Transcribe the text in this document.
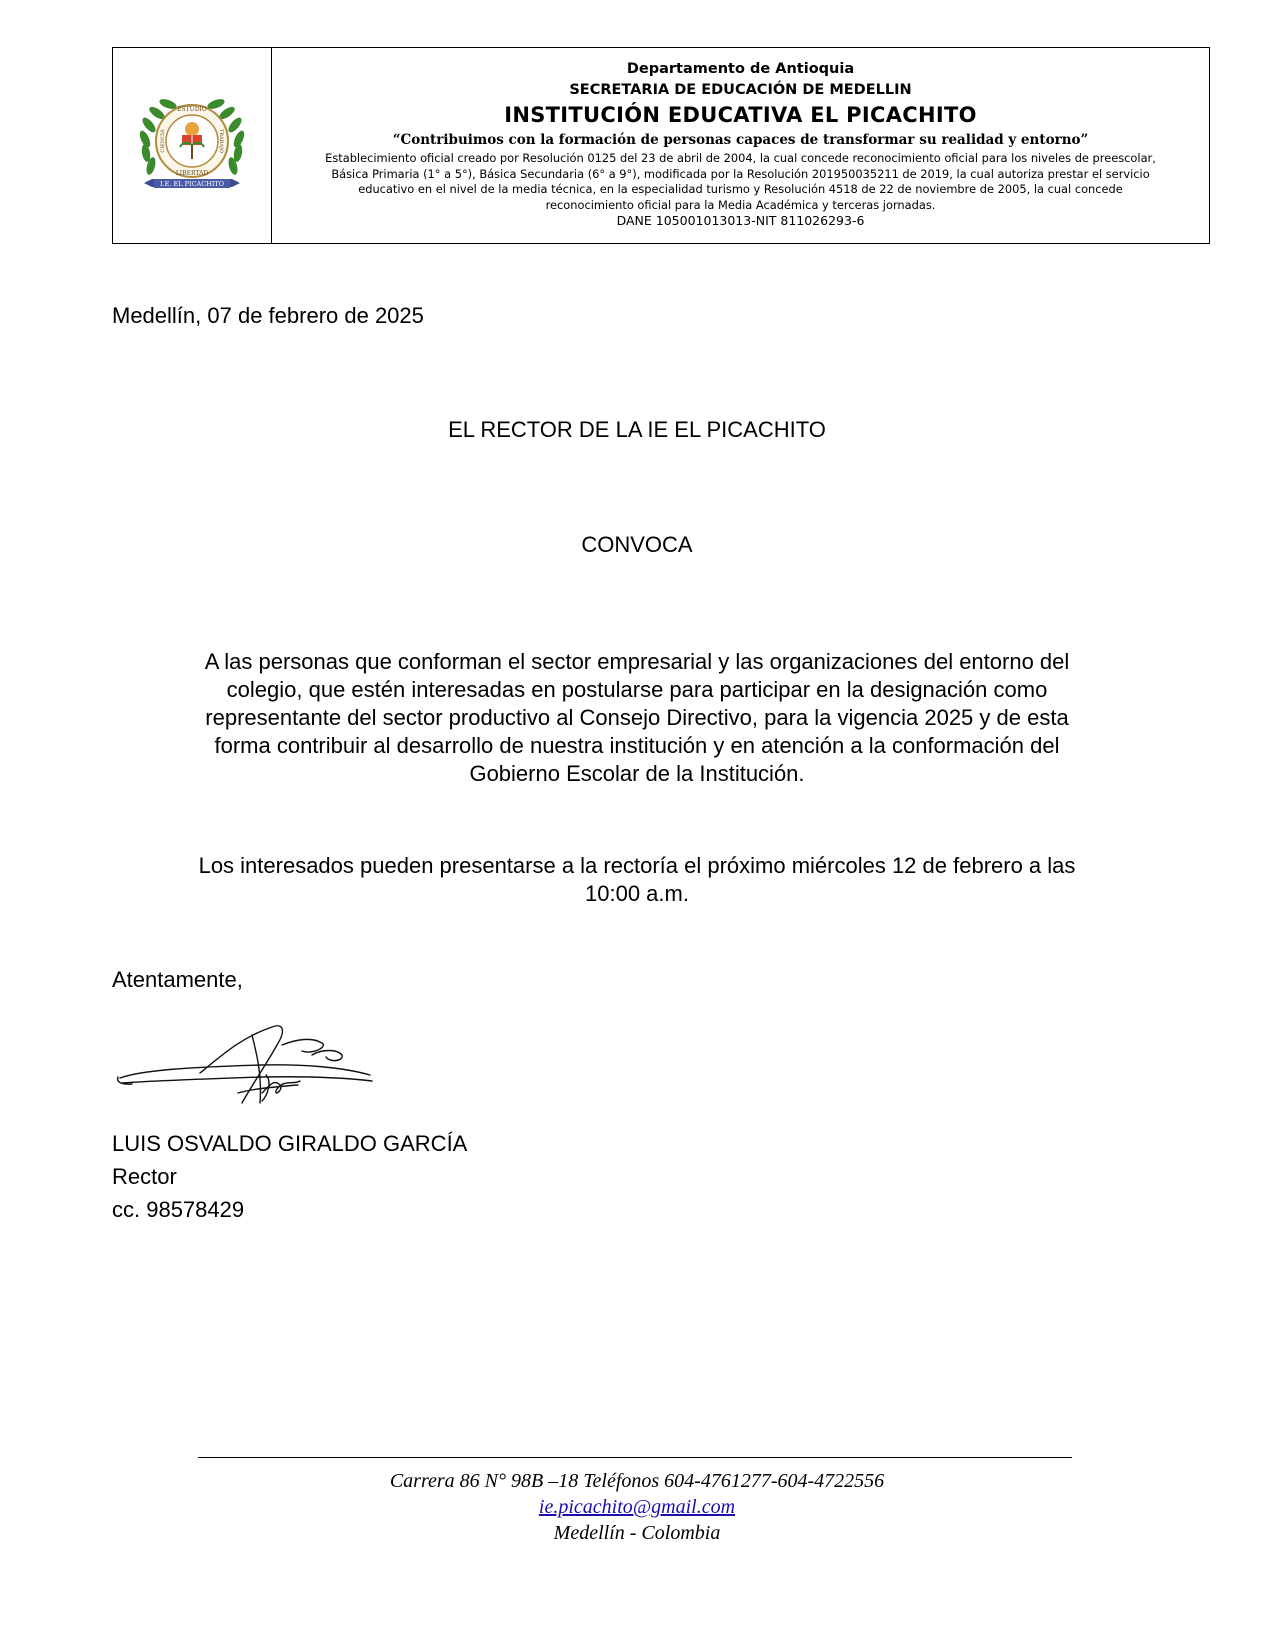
ESTUDIO
LIBERTAD
CIENCIA	TRABAJO
I.E. EL PICACHITO
Departamento de Antioquia
SECRETARIA DE EDUCACIÓN DE MEDELLIN
INSTITUCIÓN EDUCATIVA EL PICACHITO
“Contribuimos con la formación de personas capaces de transformar su realidad y entorno”
Establecimiento oficial creado por Resolución 0125 del 23 de abril de 2004, la cual concede reconocimiento oficial para los niveles de preescolar,
Básica Primaria (1° a 5°), Básica Secundaria (6° a 9°), modificada por la Resolución 201950035211 de 2019, la cual autoriza prestar el servicio
educativo en el nivel de la media técnica, en la especialidad turismo y Resolución 4518 de 22 de noviembre de 2005, la cual concede
reconocimiento oficial para la Media Académica y terceras jornadas.
DANE 105001013013-NIT 811026293-6
Medellín, 07 de febrero de 2025
EL RECTOR DE LA IE EL PICACHITO
CONVOCA
A las personas que conforman el sector empresarial y las organizaciones del entorno del
colegio, que estén interesadas en postularse para participar en la designación como
representante del sector productivo al Consejo Directivo, para la vigencia 2025 y de esta
forma contribuir al desarrollo de nuestra institución y en atención a la conformación del
Gobierno Escolar de la Institución.
Los interesados pueden presentarse a la rectoría el próximo miércoles 12 de febrero a las
10:00 a.m.
Atentamente,
LUIS OSVALDO GIRALDO GARCÍA
Rector
cc. 98578429
Carrera 86 N° 98B –18 Teléfonos 604-4761277-604-4722556
ie.picachito@gmail.com
Medellín - Colombia
